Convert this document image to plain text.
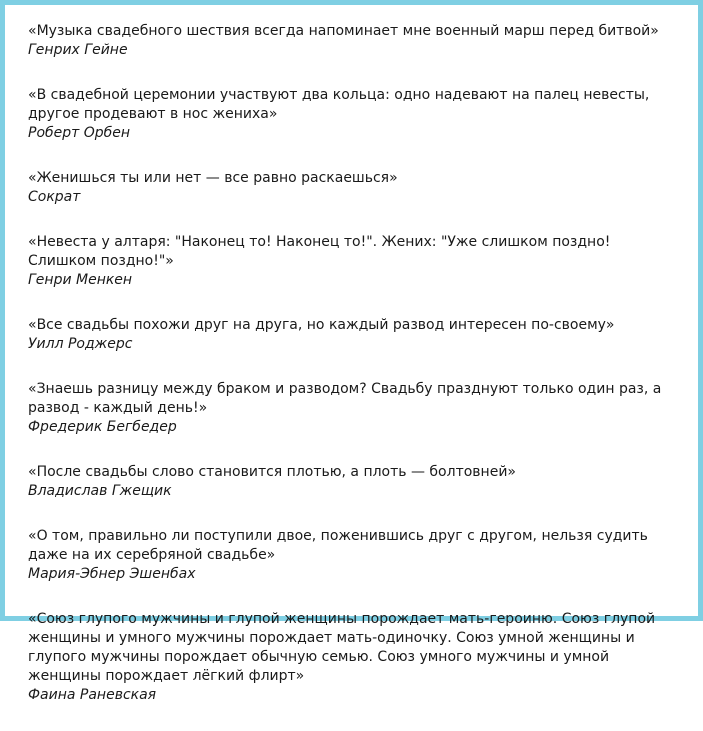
«Музыка свадебного шествия всегда напоминает мне военный марш перед битвой»

Генрих Гейне

«В свадебной церемонии участвуют два кольца: одно надевают на палец невесты,
другое продевают в нос жениха»

Роберт Орбен

«Женишься ты или нет — все равно раскаешься»

Сократ

«Невеста у алтаря: "Наконец то! Наконец то!". Жених: "Уже слишком поздно!
Слишком поздно!"»

Генри Менкен

«Все свадьбы похожи друг на друга, но каждый развод интересен по-своему»

Уилл Роджерс

«Знаешь разницу между браком и разводом? Свадьбу празднуют только один раз, а
развод - каждый день!»

Фредерик Бегбедер

«После свадьбы слово становится плотью, а плоть — болтовней»

Владислав Гжещик

«О том, правильно ли поступили двое, поженившись друг с другом, нельзя судить
даже на их серебряной свадьбе»

Мария-Эбнер Эшенбах

«Союз глупого мужчины и глупой женщины порождает мать-героиню. Союз глупой
женщины и умного мужчины порождает мать-одиночку. Союз умной женщины и
глупого мужчины порождает обычную семью. Союз умного мужчины и умной
женщины порождает лёгкий флирт»

Фаина Раневская
